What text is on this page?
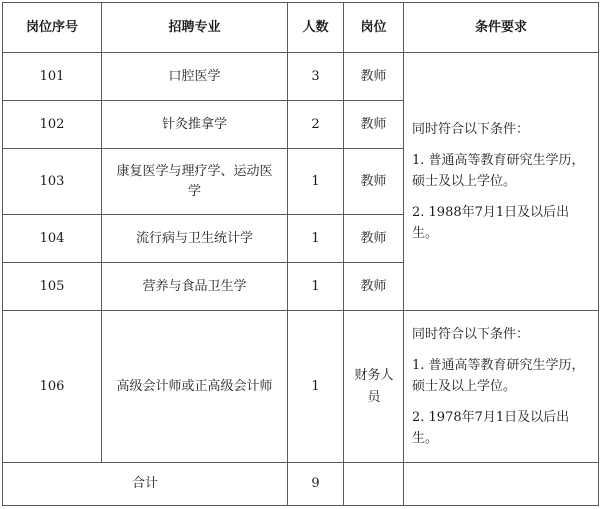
岗位序号	招聘专业	人数	岗位	条件要求
101	口腔医学	3	教师	同时符合以下条件：

1. 普通高等教育研究生学历，硕士及以上学位。

2. 1988年7月1日及以后出生。

102	针灸推拿学	2	教师	
103	康复医学与理疗学、运动医学	1	教师	
104	流行病与卫生统计学	1	教师	
105	营养与食品卫生学	1	教师	
106	高级会计师或正高级会计师	1	财务人员	同时符合以下条件：

1. 普通高等教育研究生学历，硕士及以上学位。

2. 1978年7月1日及以后出生。

合计		9		
